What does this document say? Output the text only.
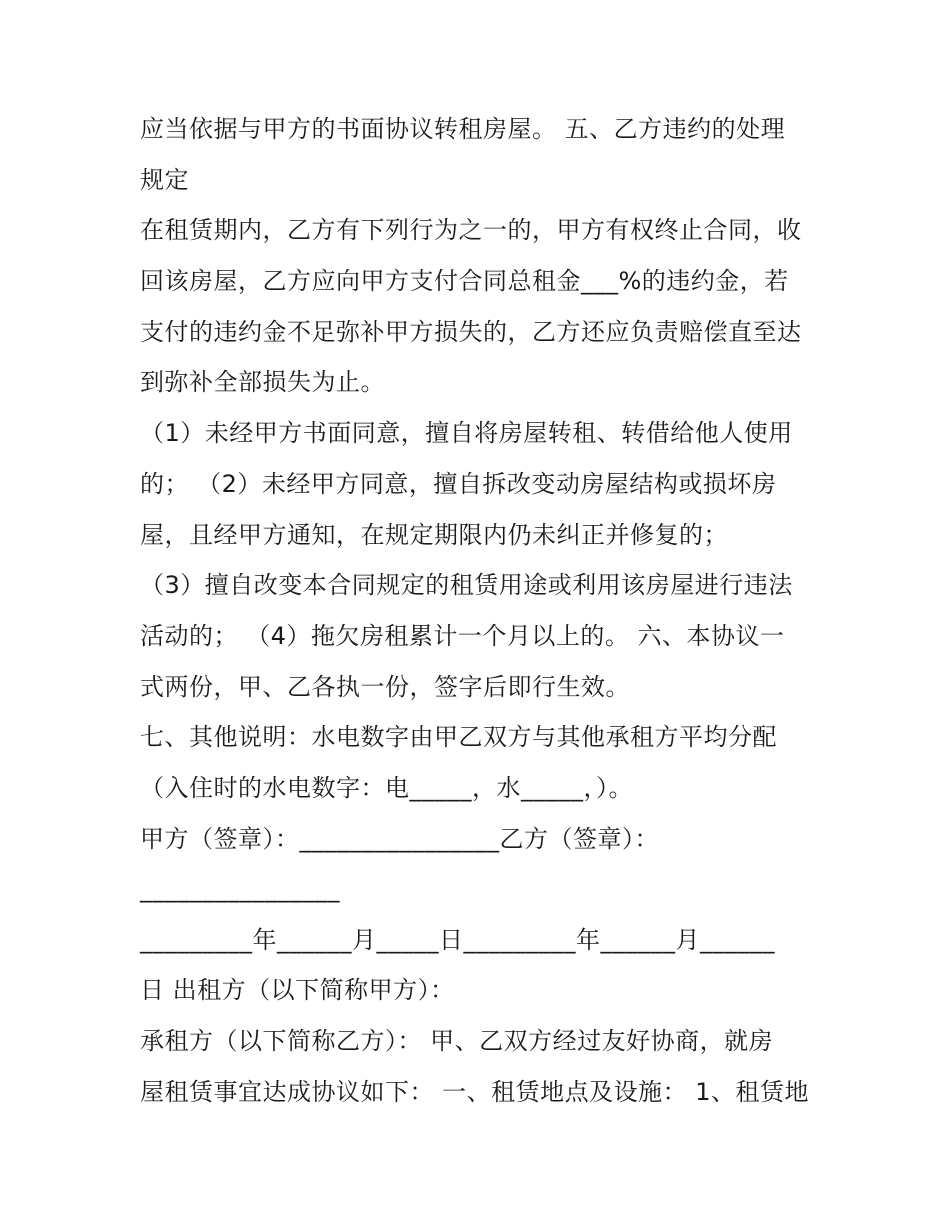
应当依据与甲方的书面协议转租房屋。 五、乙方违约的处理
规定
在租赁期内，乙方有下列行为之一的，甲方有权终止合同，收
回该房屋，乙方应向甲方支付合同总租金___%的违约金，若
支付的违约金不足弥补甲方损失的，乙方还应负责赔偿直至达
到弥补全部损失为止。
（1）未经甲方书面同意，擅自将房屋转租、转借给他人使用
的； （2）未经甲方同意，擅自拆改变动房屋结构或损坏房
屋，且经甲方通知，在规定期限内仍未纠正并修复的；
（3）擅自改变本合同规定的租赁用途或利用该房屋进行违法
活动的； （4）拖欠房租累计一个月以上的。 六、本协议一
式两份，甲、乙各执一份，签字后即行生效。
七、其他说明：水电数字由甲乙双方与其他承租方平均分配
（入住时的水电数字：电_____，水_____，）。
甲方（签章）：________________乙方（签章）：
________________
_________年______月_____日_________年______月______
日 出租方（以下简称甲方）：
承租方（以下简称乙方）： 甲、乙双方经过友好协商，就房
屋租赁事宜达成协议如下： 一、租赁地点及设施： 1、租赁地
